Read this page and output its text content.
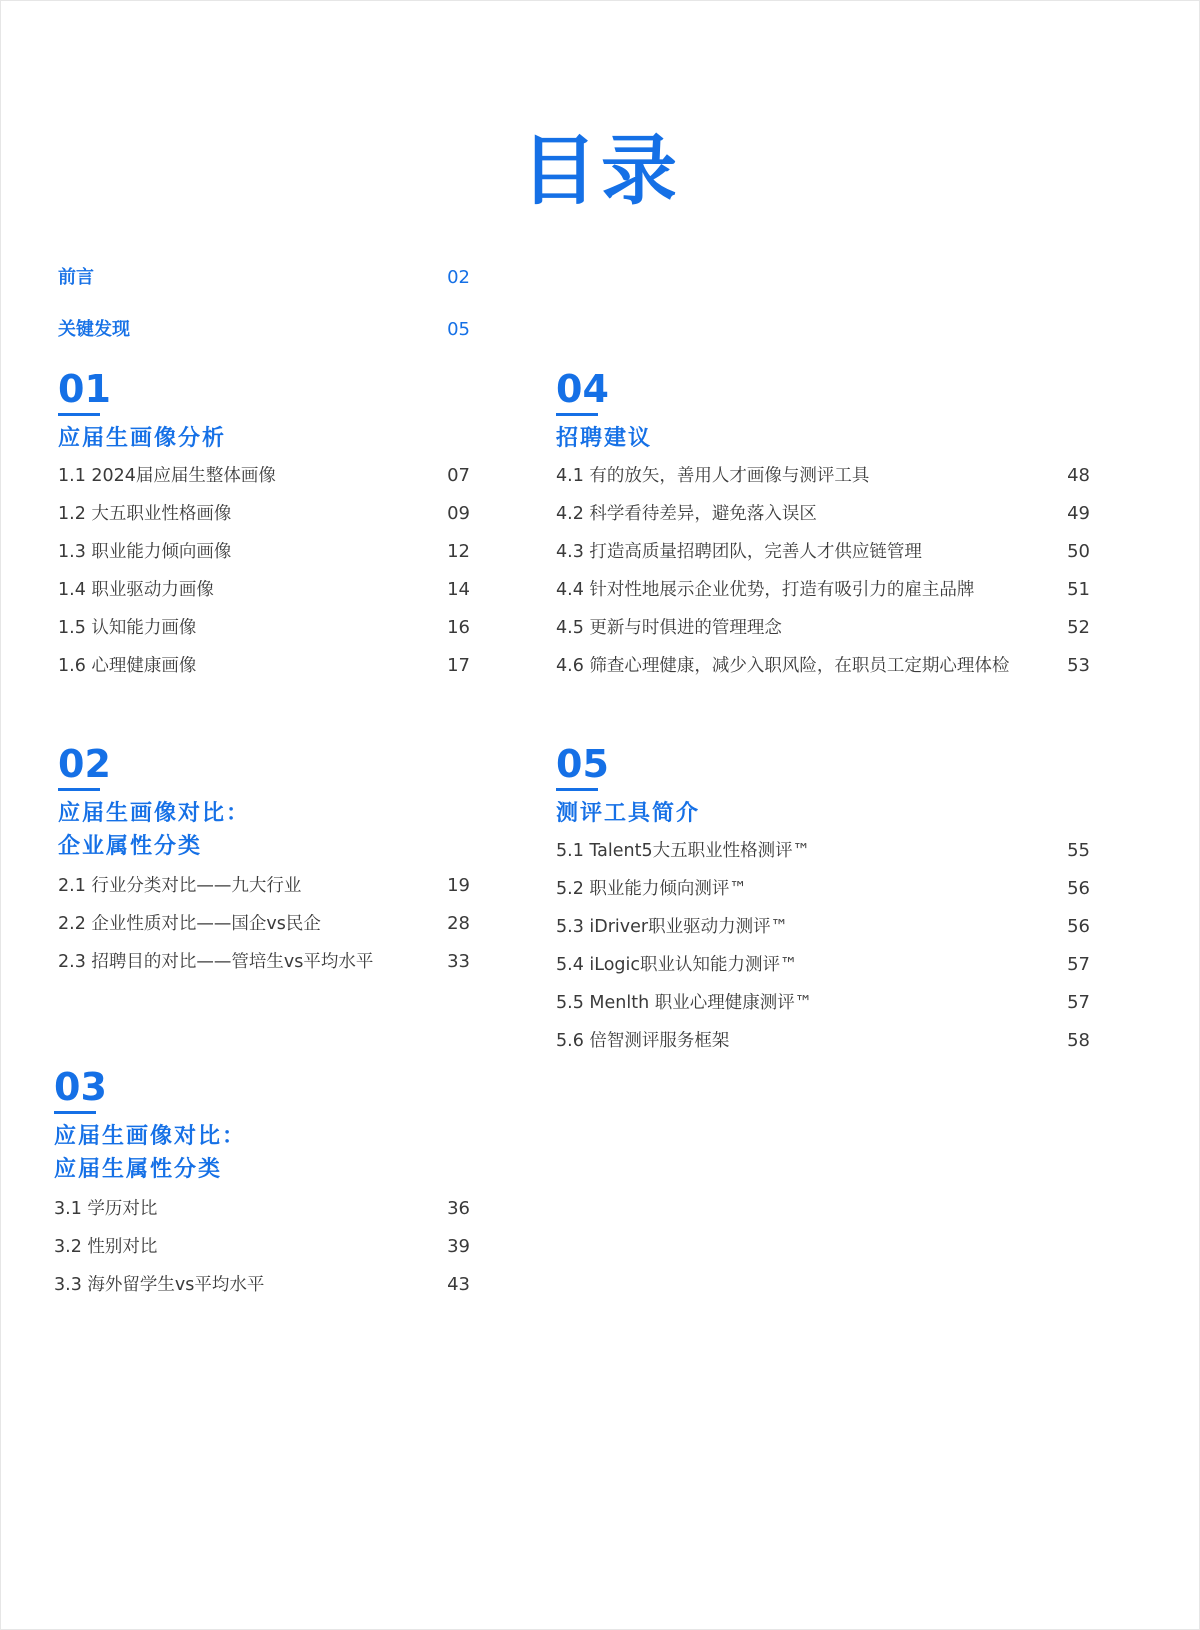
目录
前言	02
关键发现	05
01
应届生画像分析
1.1 2024届应届生整体画像	07
1.2 大五职业性格画像	09
1.3 职业能力倾向画像	12
1.4 职业驱动力画像	14
1.5 认知能力画像	16
1.6 心理健康画像	17
02
应届生画像对比：
企业属性分类
2.1 行业分类对比——九大行业	19
2.2 企业性质对比——国企vs民企	28
2.3 招聘目的对比——管培生vs平均水平	33
03
应届生画像对比：
应届生属性分类
3.1 学历对比	36
3.2 性别对比	39
3.3 海外留学生vs平均水平	43
04
招聘建议
4.1 有的放矢，善用人才画像与测评工具	48
4.2 科学看待差异，避免落入误区	49
4.3 打造高质量招聘团队，完善人才供应链管理	50
4.4 针对性地展示企业优势，打造有吸引力的雇主品牌	51
4.5 更新与时俱进的管理理念	52
4.6 筛查心理健康，减少入职风险，在职员工定期心理体检	53
05
测评工具简介
5.1 Talent5大五职业性格测评™	55
5.2 职业能力倾向测评™	56
5.3 iDriver职业驱动力测评™	56
5.4 iLogic职业认知能力测评™	57
5.5 Menlth 职业心理健康测评™	57
5.6 倍智测评服务框架	58
